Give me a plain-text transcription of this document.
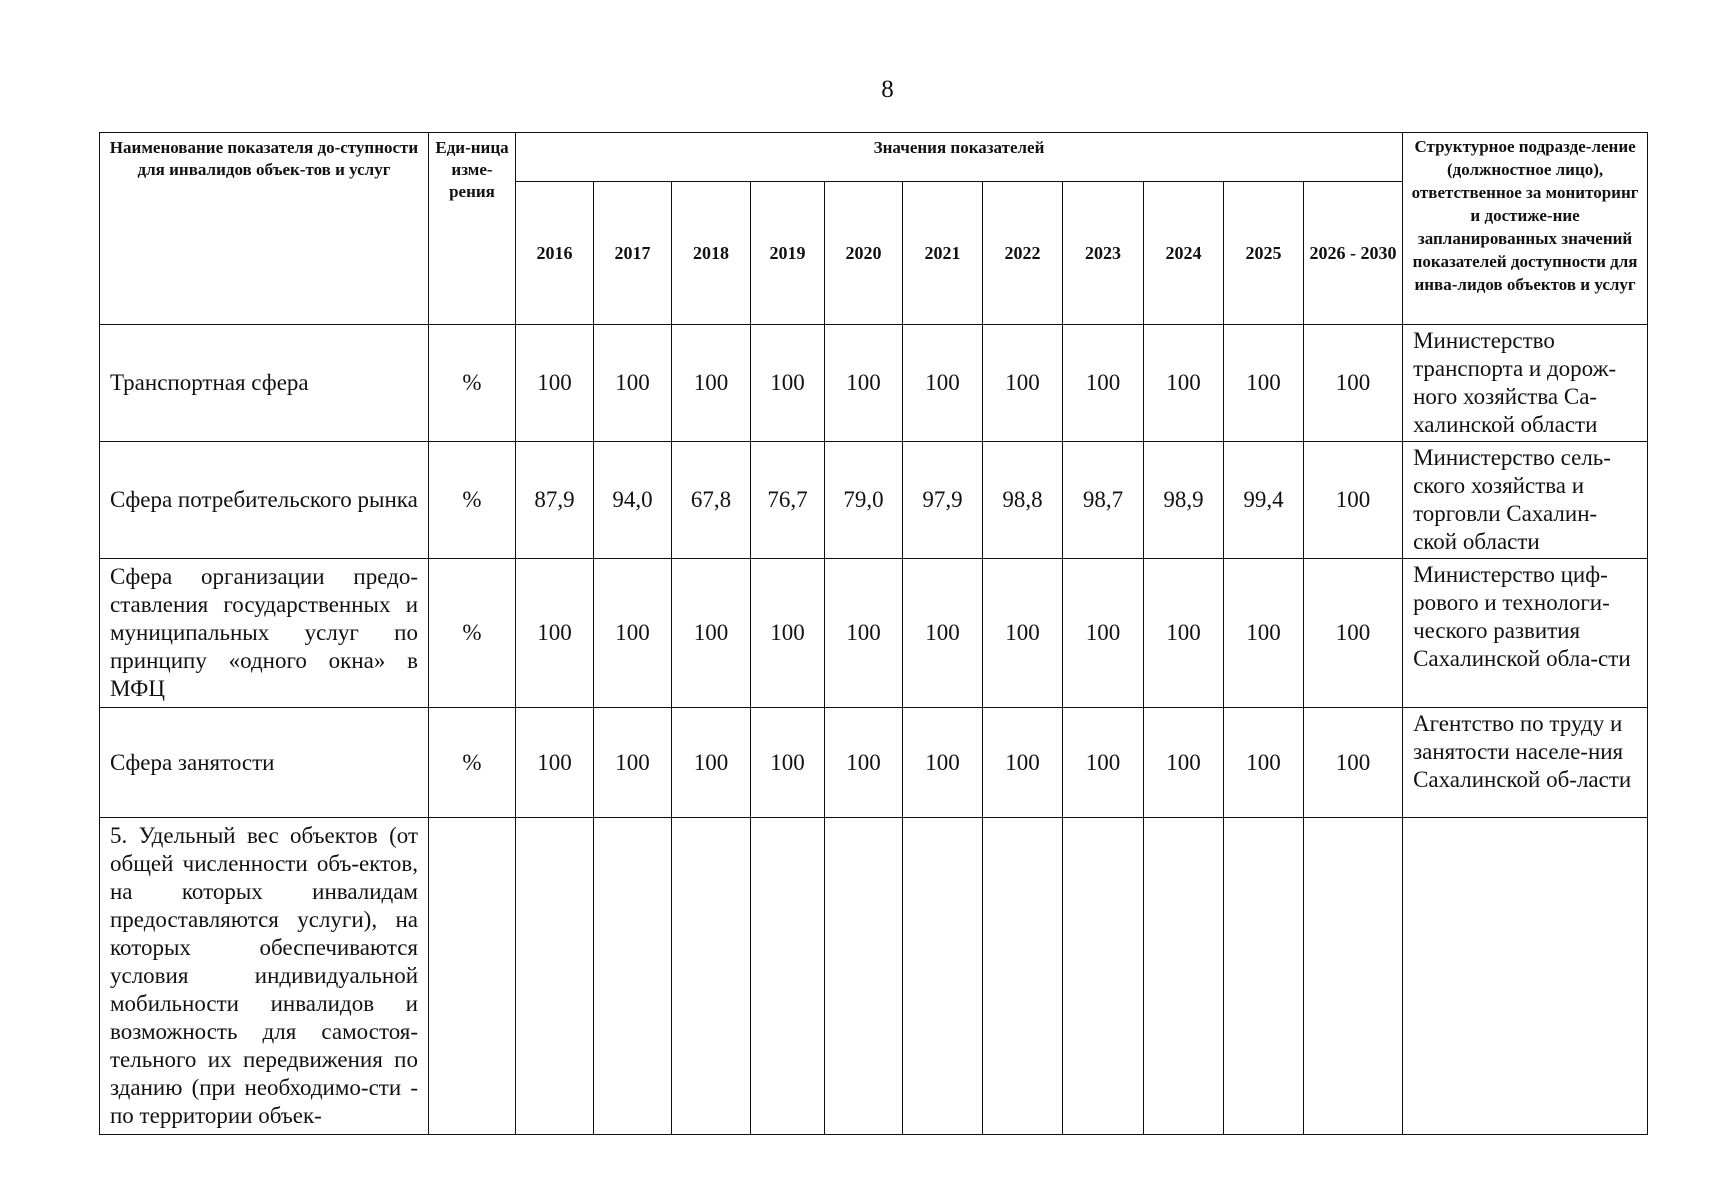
8
Наименование показателя до-ступности для инвалидов объек-тов и услуг	Еди-ница изме-рения	Значения показателей											Структурное подразде-ление (должностное лицо), ответственное за мониторинг и достиже-ние запланированных значений показателей доступности для инва-лидов объектов и услуг
		2016	2017	2018	2019	2020	2021	2022	2023	2024	2025	2026 - 2030	
Транспортная сфера	%	100	100	100	100	100	100	100	100	100	100	100	Министерство транспорта и дорож-ного хозяйства Са-халинской области
Сфера потребительского рынка	%	87,9	94,0	67,8	76,7	79,0	97,9	98,8	98,7	98,9	99,4	100	Министерство сель-ского хозяйства и торговли Сахалин-ской области
Сфера организации предо-ставления государственных и муниципальных услуг по принципу «одного окна» в МФЦ	%	100	100	100	100	100	100	100	100	100	100	100	Министерство циф-рового и технологи-ческого развития Сахалинской обла-сти
Сфера занятости	%	100	100	100	100	100	100	100	100	100	100	100	Агентство по труду и занятости населе-ния Сахалинской об-ласти
5. Удельный вес объектов (от общей численности объ-ектов, на которых инвалидам предоставляются услуги), на которых обеспечиваются условия индивидуальной мобильности инвалидов и возможность для самостоя-тельного их передвижения по зданию (при необходимо-сти - по территории объек-													
